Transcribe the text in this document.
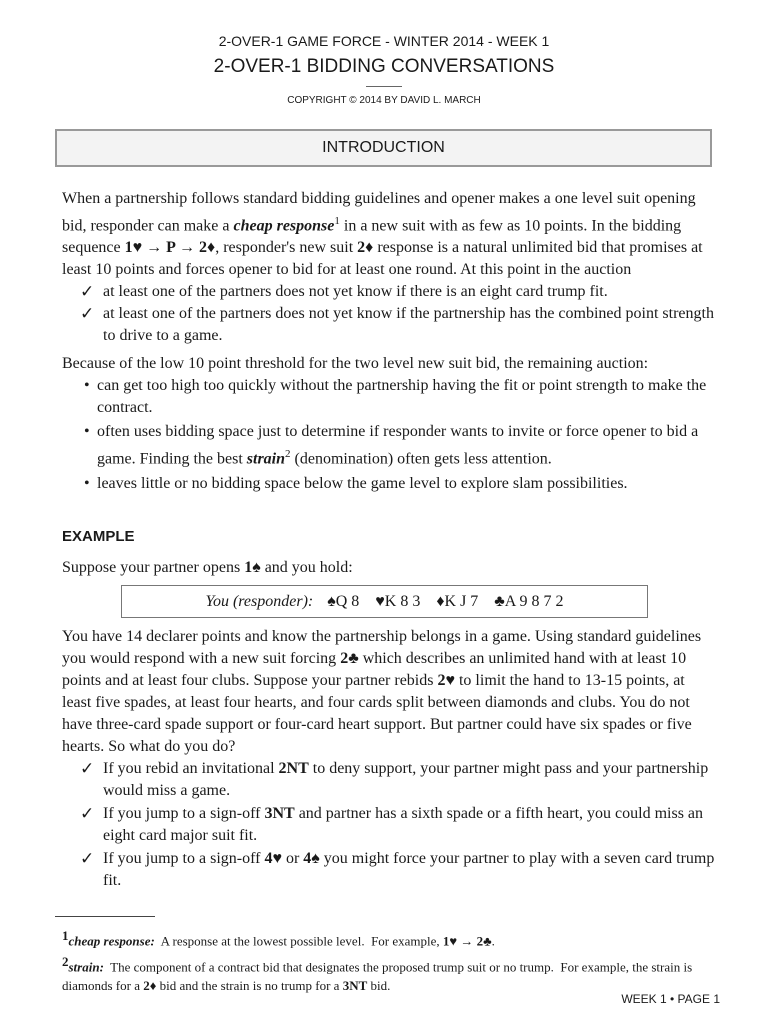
2-OVER-1 GAME FORCE - WINTER 2014 - WEEK 1
2-OVER-1 BIDDING CONVERSATIONS
COPYRIGHT © 2014 BY DAVID L. MARCH
INTRODUCTION

When a partnership follows standard bidding guidelines and opener makes a one level suit opening bid, responder can make a cheap response$^1$ in a new suit with as few as 10 points. In the bidding sequence 1♥ → P → 2♦, responder's new suit 2♦ response is a natural unlimited bid that promises at least 10 points and forces opener to bid for at least one round. At this point in the auction

✓ at least one of the partners does not yet know if there is an eight card trump fit.
✓ at least one of the partners does not yet know if the partnership has the combined point strength to drive to a game.

Because of the low 10 point threshold for the two level new suit bid, the remaining auction:

• can get too high too quickly without the partnership having the fit or point strength to make the contract.
• often uses bidding space just to determine if responder wants to invite or force opener to bid a game. Finding the best strain$^2$ (denomination) often gets less attention.
• leaves little or no bidding space below the game level to explore slam possibilities.
EXAMPLE
Suppose your partner opens 1♠ and you hold:
You (responder): ♠Q 8    ♥K 8 3    ♦K J 7    ♣A 9 8 7 2

You have 14 declarer points and know the partnership belongs in a game. Using standard guidelines you would respond with a new suit forcing 2♣ which describes an unlimited hand with at least 10 points and at least four clubs. Suppose your partner rebids 2♥ to limit the hand to 13-15 points, at least five spades, at least four hearts, and four cards split between diamonds and clubs. You do not have three-card spade support or four-card heart support. But partner could have six spades or five hearts. So what do you do?

✓ If you rebid an invitational 2NT to deny support, your partner might pass and your partnership would miss a game.
✓ If you jump to a sign-off 3NT and partner has a sixth spade or a fifth heart, you could miss an eight card major suit fit.
✓ If you jump to a sign-off 4♥ or 4♠ you might force your partner to play with a seven card trump fit.
$^1$cheap response:  A response at the lowest possible level.  For example, 1♥ → 2♣.
$^2$strain:  The component of a contract bid that designates the proposed trump suit or no trump.  For example, the strain is diamonds for a 2♦ bid and the strain is no trump for a 3NT bid.
WEEK 1 • PAGE 1
